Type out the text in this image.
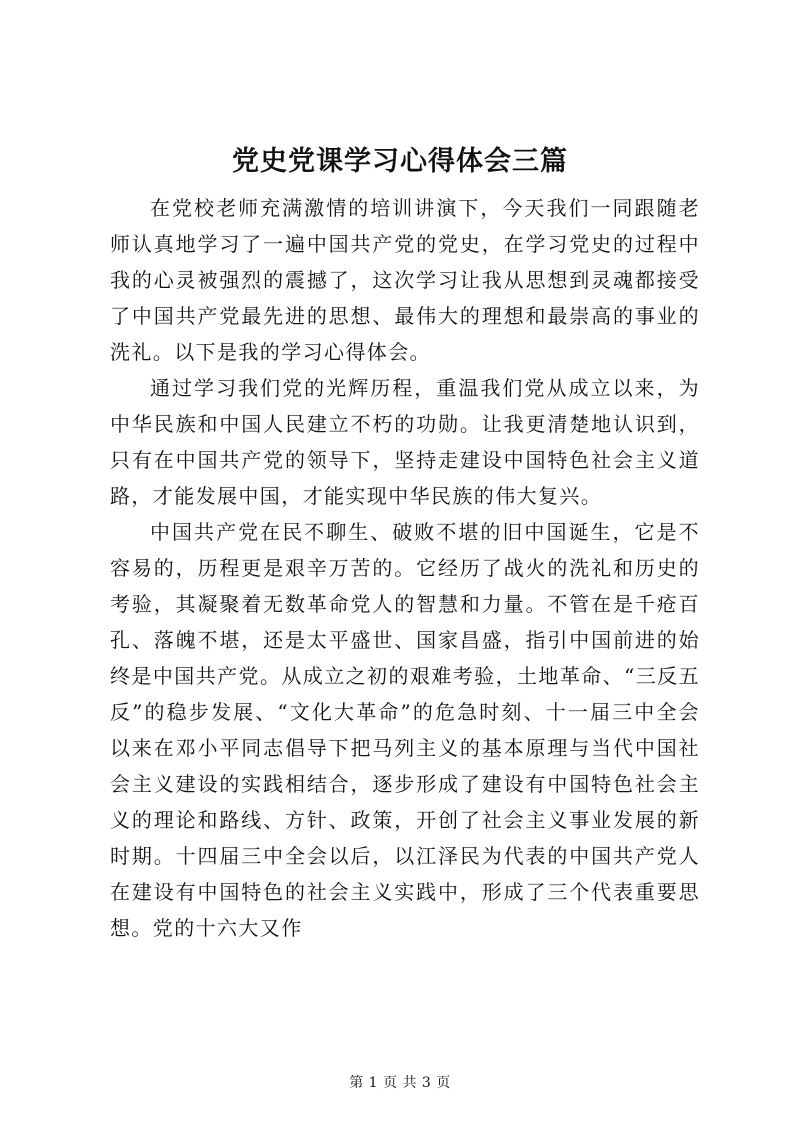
党史党课学习心得体会三篇

在党校老师充满激情的培训讲演下，今天我们一同跟随老师认真地学习了一遍中国共产党的党史，在学习党史的过程中我的心灵被强烈的震撼了，这次学习让我从思想到灵魂都接受了中国共产党最先进的思想、最伟大的理想和最崇高的事业的洗礼。以下是我的学习心得体会。

通过学习我们党的光辉历程，重温我们党从成立以来，为中华民族和中国人民建立不朽的功勋。让我更清楚地认识到，只有在中国共产党的领导下，坚持走建设中国特色社会主义道路，才能发展中国，才能实现中华民族的伟大复兴。

中国共产党在民不聊生、破败不堪的旧中国诞生，它是不容易的，历程更是艰辛万苦的。它经历了战火的洗礼和历史的考验，其凝聚着无数革命党人的智慧和力量。不管在是千疮百孔、落魄不堪，还是太平盛世、国家昌盛，指引中国前进的始终是中国共产党。从成立之初的艰难考验，土地革命、“三反五反”的稳步发展、“文化大革命”的危急时刻、十一届三中全会以来在邓小平同志倡导下把马列主义的基本原理与当代中国社会主义建设的实践相结合，逐步形成了建设有中国特色社会主义的理论和路线、方针、政策，开创了社会主义事业发展的新时期。十四届三中全会以后，以江泽民为代表的中国共产党人在建设有中国特色的社会主义实践中，形成了三个代表重要思想。党的十六大又作

第 1 页 共 3 页
